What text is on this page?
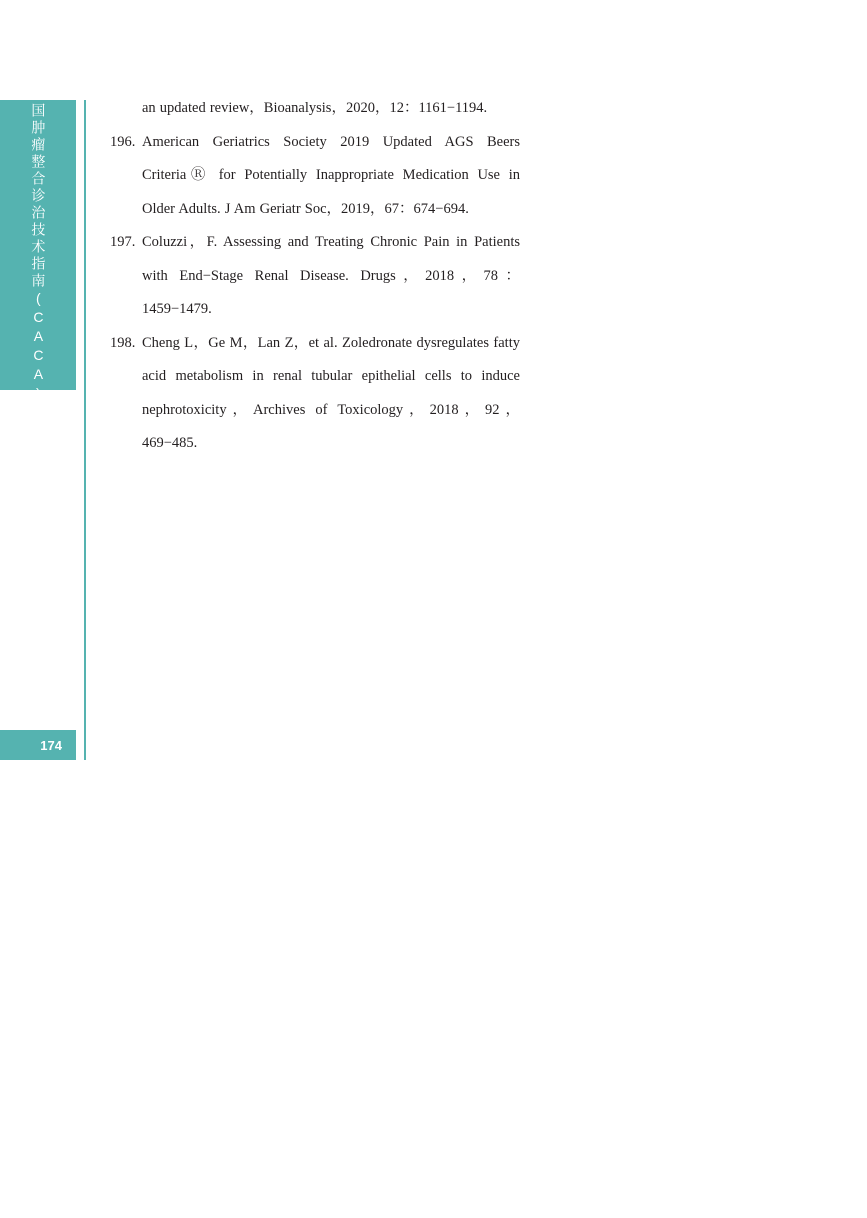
中国肿瘤整合诊治技术指南(CACA)
174
an updated review，Bioanalysis，2020，12：1161−1194.
196. American Geriatrics Society 2019 Updated AGS Beers CriteriaⓇ for Potentially Inappropriate Medication Use in Older Adults. J Am Geriatr Soc，2019，67：674−694.
197. Coluzzi，F. Assessing and Treating Chronic Pain in Patients with End−Stage Renal Disease. Drugs，2018，78：1459−1479.
198. Cheng L，Ge M，Lan Z，et al. Zoledronate dysregulates fatty acid metabolism in renal tubular epithelial cells to induce nephrotoxicity，Archives of Toxicology，2018，92，469−485.
